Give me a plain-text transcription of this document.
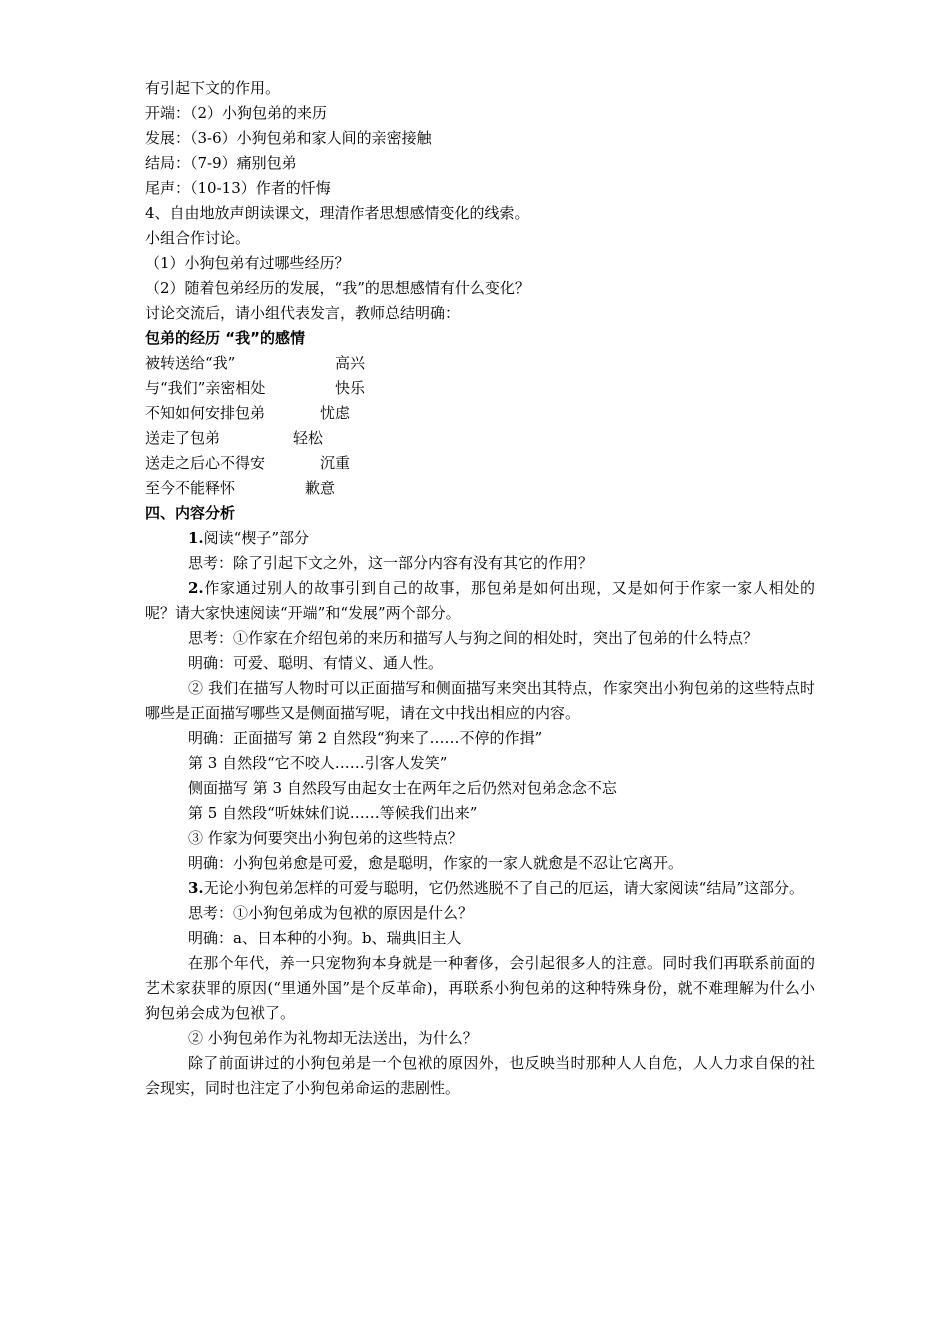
有引起下文的作用。
开端：（2）小狗包弟的来历
发展：（3-6）小狗包弟和家人间的亲密接触
结局：（7-9）痛别包弟
尾声：（10-13）作者的忏悔
4、自由地放声朗读课文，理清作者思想感情变化的线索。
小组合作讨论。
（1）小狗包弟有过哪些经历？
（2）随着包弟经历的发展，“我”的思想感情有什么变化？
讨论交流后，请小组代表发言，教师总结明确：
包弟的经历 “我”的感情
被转送给“我”	高兴
与“我们”亲密相处	快乐
不知如何安排包弟	忧虑
送走了包弟	轻松
送走之后心不得安	沉重
至今不能释怀	歉意
四、内容分析
1.阅读“楔子”部分
思考：除了引起下文之外，这一部分内容有没有其它的作用？
2.作家通过别人的故事引到自己的故事，那包弟是如何出现，又是如何于作家一家人相处的呢？请大家快速阅读“开端”和“发展”两个部分。
思考：①作家在介绍包弟的来历和描写人与狗之间的相处时，突出了包弟的什么特点？
明确：可爱、聪明、有情义、通人性。
② 我们在描写人物时可以正面描写和侧面描写来突出其特点，作家突出小狗包弟的这些特点时哪些是正面描写哪些又是侧面描写呢，请在文中找出相应的内容。
明确：正面描写 第 2 自然段“狗来了……不停的作揖”
第 3 自然段“它不咬人……引客人发笑”
侧面描写 第 3 自然段写由起女士在两年之后仍然对包弟念念不忘
第 5 自然段“听妹妹们说……等候我们出来”
③ 作家为何要突出小狗包弟的这些特点？
明确：小狗包弟愈是可爱，愈是聪明，作家的一家人就愈是不忍让它离开。
3.无论小狗包弟怎样的可爱与聪明，它仍然逃脱不了自己的厄运，请大家阅读“结局”这部分。
思考：①小狗包弟成为包袱的原因是什么？
明确：a、日本种的小狗。b、瑞典旧主人
在那个年代，养一只宠物狗本身就是一种奢侈，会引起很多人的注意。同时我们再联系前面的艺术家获罪的原因(“里通外国”是个反革命)，再联系小狗包弟的这种特殊身份，就不难理解为什么小狗包弟会成为包袱了。
② 小狗包弟作为礼物却无法送出，为什么？
除了前面讲过的小狗包弟是一个包袱的原因外，也反映当时那种人人自危，人人力求自保的社会现实，同时也注定了小狗包弟命运的悲剧性。
